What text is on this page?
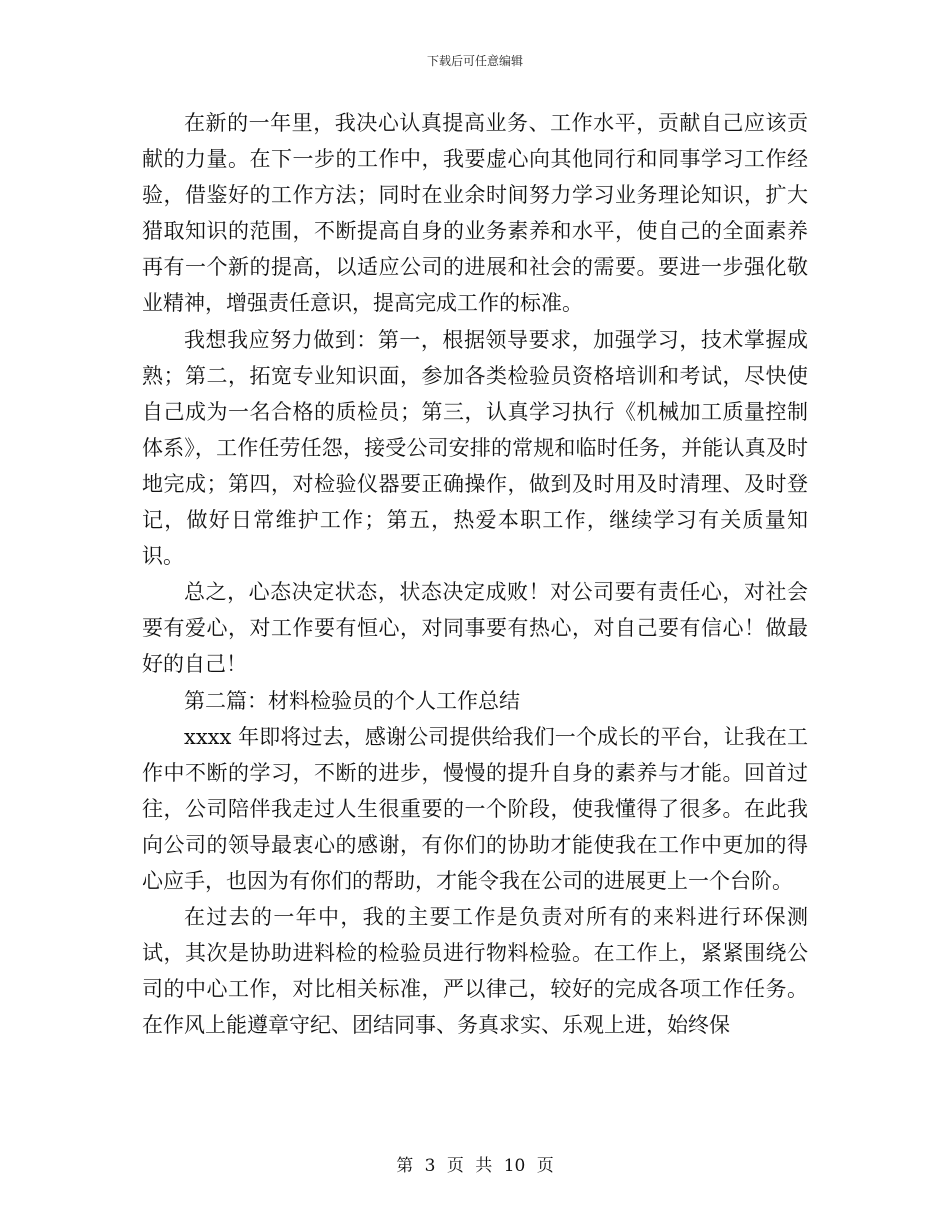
下载后可任意编辑

在新的一年里，我决心认真提高业务、工作水平，贡献自己应该贡献的力量。在下一步的工作中，我要虚心向其他同行和同事学习工作经验，借鉴好的工作方法；同时在业余时间努力学习业务理论知识，扩大猎取知识的范围，不断提高自身的业务素养和水平，使自己的全面素养再有一个新的提高，以适应公司的进展和社会的需要。要进一步强化敬业精神，增强责任意识，提高完成工作的标准。

我想我应努力做到：第一，根据领导要求，加强学习，技术掌握成熟；第二，拓宽专业知识面，参加各类检验员资格培训和考试，尽快使自己成为一名合格的质检员；第三，认真学习执行《机械加工质量控制体系》，工作任劳任怨，接受公司安排的常规和临时任务，并能认真及时地完成；第四，对检验仪器要正确操作，做到及时用及时清理、及时登记，做好日常维护工作；第五，热爱本职工作，继续学习有关质量知识。

总之，心态决定状态，状态决定成败！对公司要有责任心，对社会要有爱心，对工作要有恒心，对同事要有热心，对自己要有信心！做最好的自己！

第二篇：材料检验员的个人工作总结

xxxx 年即将过去，感谢公司提供给我们一个成长的平台，让我在工作中不断的学习，不断的进步，慢慢的提升自身的素养与才能。回首过往，公司陪伴我走过人生很重要的一个阶段，使我懂得了很多。在此我向公司的领导最衷心的感谢，有你们的协助才能使我在工作中更加的得心应手，也因为有你们的帮助，才能令我在公司的进展更上一个台阶。

在过去的一年中，我的主要工作是负责对所有的来料进行环保测试，其次是协助进料检的检验员进行物料检验。在工作上，紧紧围绕公司的中心工作，对比相关标准，严以律己，较好的完成各项工作任务。在作风上能遵章守纪、团结同事、务真求实、乐观上进，始终保

第 3 页 共 10 页
